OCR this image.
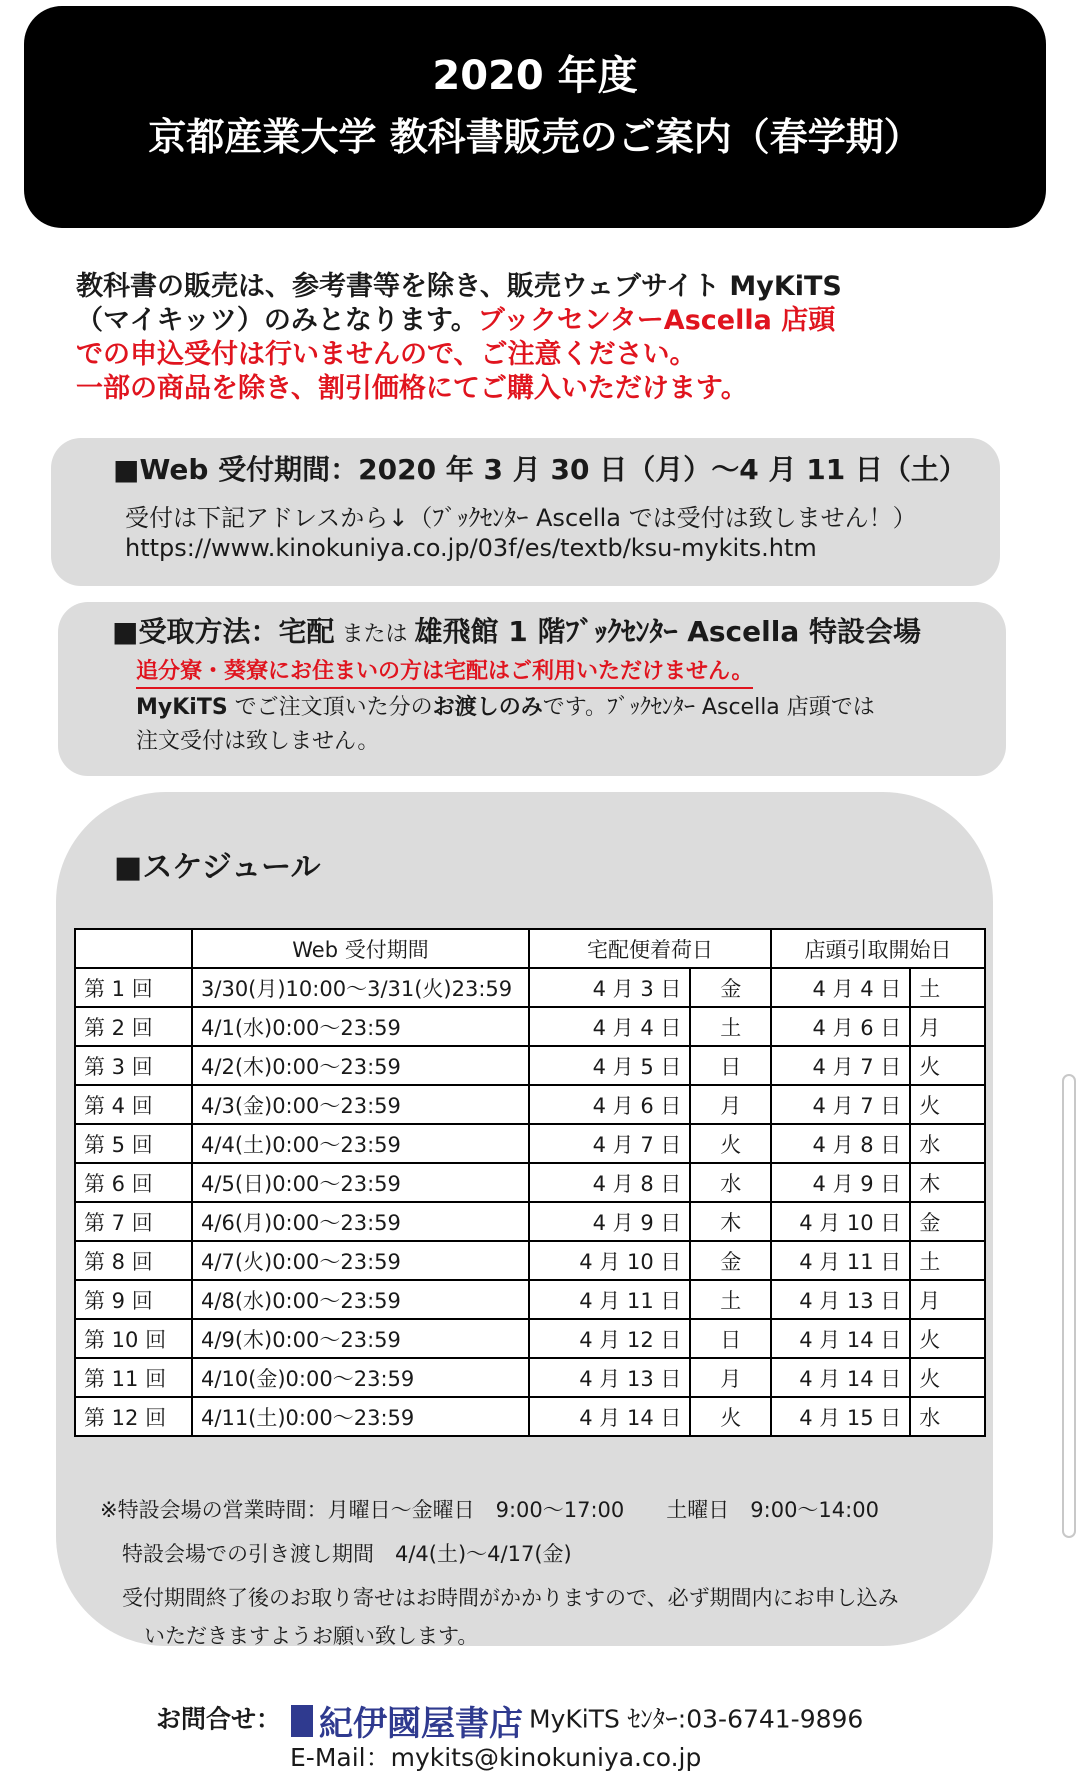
2020 年度
京都産業大学 教科書販売のご案内（春学期）
教科書の販売は、参考書等を除き、販売ウェブサイト MyKiTS
（マイキッツ）のみとなります。ブックセンターAscella 店頭
での申込受付は行いませんので、ご注意ください。
一部の商品を除き、割引価格にてご購入いただけます。
■Web 受付期間：2020 年 3 月 30 日（月）～4 月 11 日（土）
受付は下記アドレスから↓（ﾌﾞｯｸｾﾝﾀｰ Ascella では受付は致しません！）
https://www.kinokuniya.co.jp/03f/es/textb/ksu-mykits.htm
■受取方法：宅配 または 雄飛館 1 階ﾌﾞｯｸｾﾝﾀｰ Ascella 特設会場
追分寮・葵寮にお住まいの方は宅配はご利用いただけません。
MyKiTS でご注文頂いた分のお渡しのみです。ﾌﾞｯｸｾﾝﾀｰ Ascella 店頭では
注文受付は致しません。
■スケジュール
	Web 受付期間	宅配便着荷日		店頭引取開始日	
第 1 回	3/30(月)10:00～3/31(火)23:59	4 月 3 日	金	4 月 4 日	土
第 2 回	4/1(水)0:00～23:59	4 月 4 日	土	4 月 6 日	月
第 3 回	4/2(木)0:00～23:59	4 月 5 日	日	4 月 7 日	火
第 4 回	4/3(金)0:00～23:59	4 月 6 日	月	4 月 7 日	火
第 5 回	4/4(土)0:00～23:59	4 月 7 日	火	4 月 8 日	水
第 6 回	4/5(日)0:00～23:59	4 月 8 日	水	4 月 9 日	木
第 7 回	4/6(月)0:00～23:59	4 月 9 日	木	4 月 10 日	金
第 8 回	4/7(火)0:00～23:59	4 月 10 日	金	4 月 11 日	土
第 9 回	4/8(水)0:00～23:59	4 月 11 日	土	4 月 13 日	月
第 10 回	4/9(木)0:00～23:59	4 月 12 日	日	4 月 14 日	火
第 11 回	4/10(金)0:00～23:59	4 月 13 日	月	4 月 14 日	火
第 12 回	4/11(土)0:00～23:59	4 月 14 日	火	4 月 15 日	水
※特設会場の営業時間：月曜日～金曜日　9:00～17:00　　土曜日　9:00～14:00
特設会場での引き渡し期間　4/4(土)～4/17(金)
受付期間終了後のお取り寄せはお時間がかかりますので、必ず期間内にお申し込み
いただきますようお願い致します。
お問合せ： 紀伊國屋書店 MyKiTS ｾﾝﾀｰ:03-6741-9896
E-Mail：mykits@kinokuniya.co.jp
